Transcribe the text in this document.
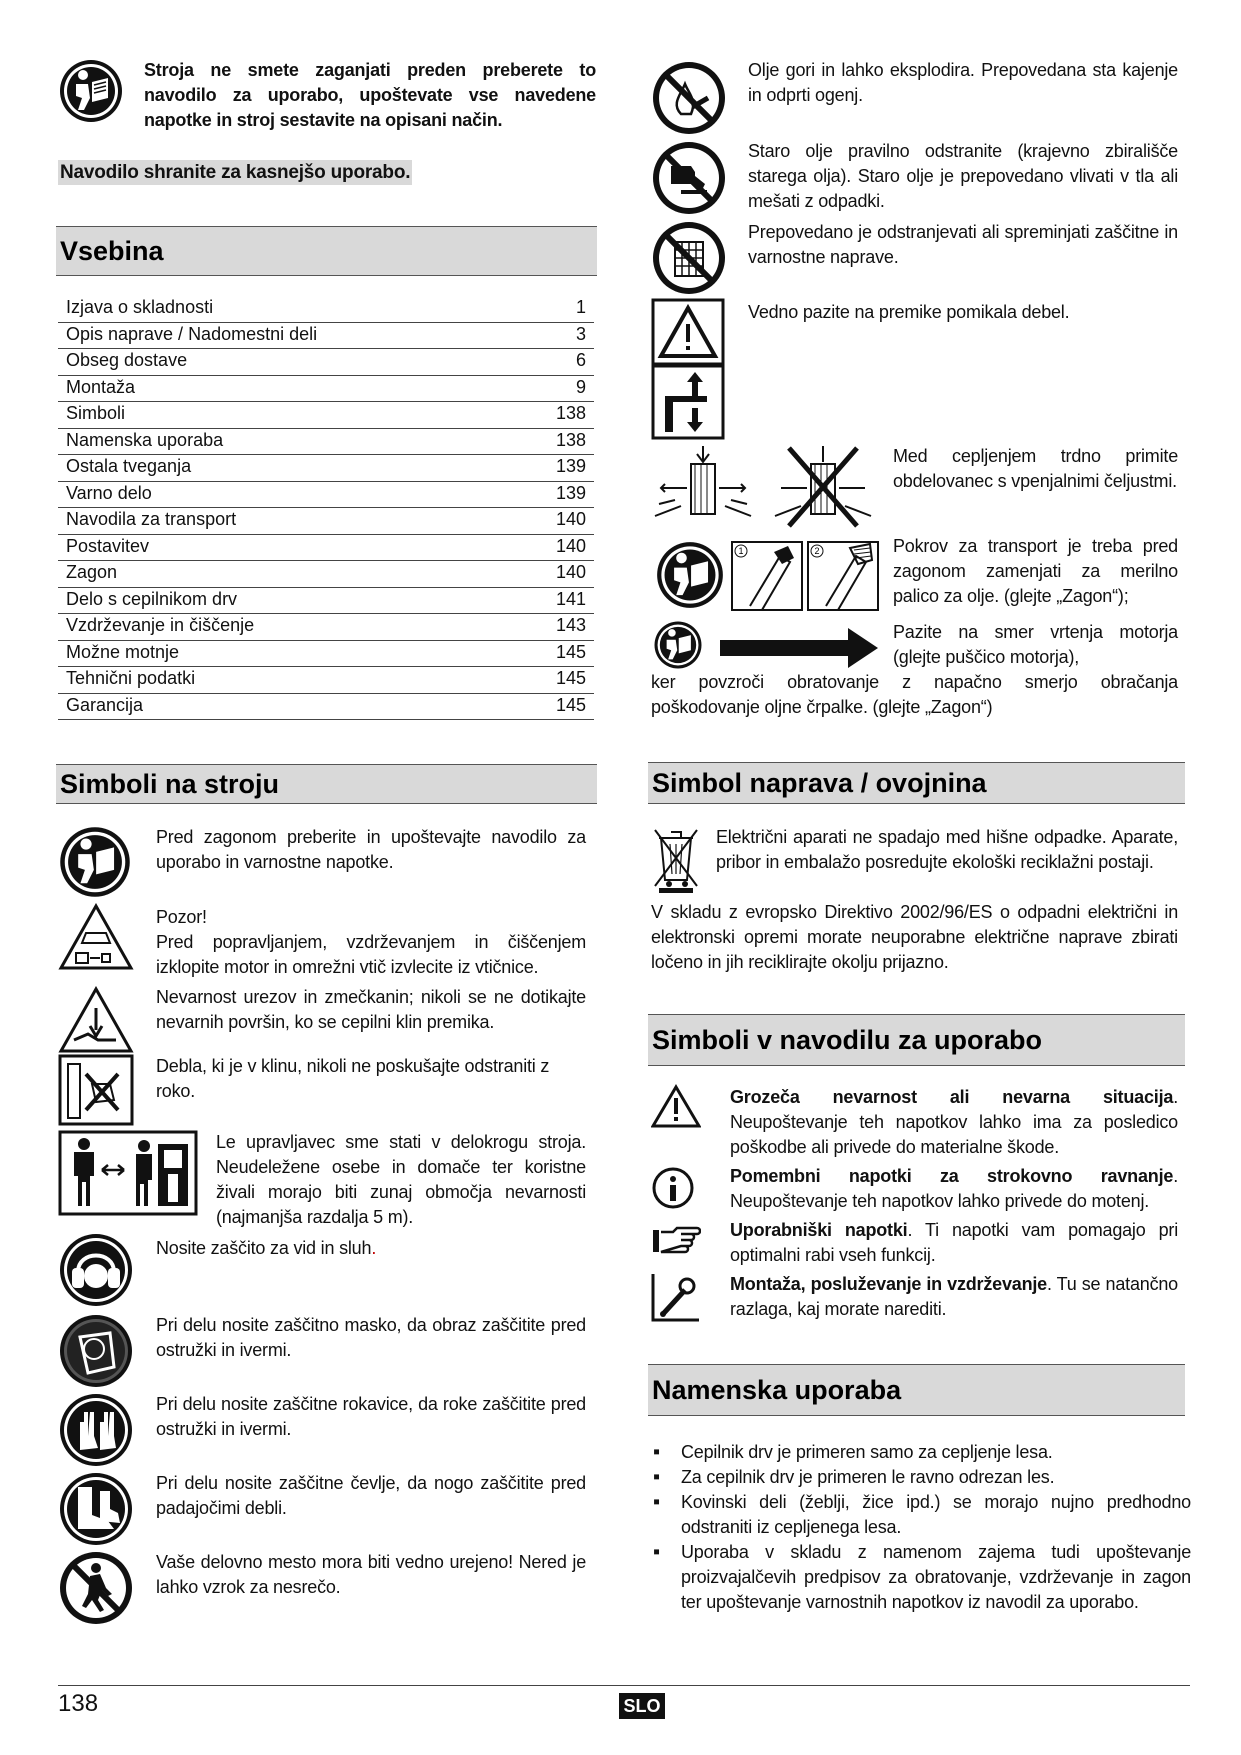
Stroja ne smete zaganjati preden preberete to navodilo za uporabo, upoštevate vse navedene napotke in stroj sestavite na opisani način.
Navodilo shranite za kasnejšo uporabo.
Vsebina
Izjava o skladnosti	1
Opis naprave / Nadomestni deli	3
Obseg dostave	6
Montaža	9
Simboli	138
Namenska uporaba	138
Ostala tveganja	139
Varno delo	139
Navodila za transport	140
Postavitev	140
Zagon	140
Delo s cepilnikom drv	141
Vzdrževanje in čiščenje	143
Možne motnje	145
Tehnični podatki	145
Garancija	145
Simboli na stroju
Pred zagonom preberite in upoštevajte navodilo za uporabo in varnostne napotke.
Pozor!
Pred popravljanjem, vzdrževanjem in čiščenjem izklopite motor in omrežni vtič izvlecite iz vtičnice.
Nevarnost urezov in zmečkanin; nikoli se ne dotikajte nevarnih površin, ko se cepilni klin premika.
Debla, ki je v klinu, nikoli ne poskušajte odstraniti z roko.
Le upravljavec sme stati v delokrogu stroja. Neudeležene osebe in domače ter koristne živali morajo biti zunaj območja nevarnosti (najmanjša razdalja 5 m).
Nosite zaščito za vid in sluh.
Pri delu nosite zaščitno masko, da obraz zaščitite pred ostružki in ivermi.
Pri delu nosite zaščitne rokavice, da roke zaščitite pred ostružki in ivermi.
Pri delu nosite zaščitne čevlje, da nogo zaščitite pred padajočimi debli.
Vaše delovno mesto mora biti vedno urejeno! Nered je lahko vzrok za nesrečo.
Olje gori in lahko eksplodira. Prepovedana sta kajenje in odprti ogenj.
Staro olje pravilno odstranite (krajevno zbirališče starega olja). Staro olje je prepovedano vlivati v tla ali mešati z odpadki.
Prepovedano je odstranjevati ali spreminjati zaščitne in varnostne naprave.
Vedno pazite na premike pomikala debel.
Med cepljenjem trdno primite obdelovanec s vpenjalnimi čeljustmi.
1	2	Pokrov za transport je treba pred zagonom zamenjati za merilno palico za olje. (glejte „Zagon“);
Pazite na smer vrtenja motorja (glejte puščico motorja),
ker povzroči obratovanje z napačno smerjo obračanja poškodovanje oljne črpalke. (glejte „Zagon“)
Simbol naprava / ovojnina
Električni aparati ne spadajo med hišne odpadke. Aparate, pribor in embalažo posredujte ekološki reciklažni postaji.
V skladu z evropsko Direktivo 2002/96/ES o odpadni električni in elektronski opremi morate neuporabne električne naprave zbirati ločeno in jih reciklirajte okolju prijazno.
Simboli v navodilu za uporabo
Grozeča nevarnost ali nevarna situacija. Neupoštevanje teh napotkov lahko ima za posledico poškodbe ali privede do materialne škode.
Pomembni napotki za strokovno ravnanje. Neupoštevanje teh napotkov lahko privede do motenj.
Uporabniški napotki. Ti napotki vam pomagajo pri optimalni rabi vseh funkcij.
Montaža, posluževanje in vzdrževanje. Tu se natančno razlaga, kaj morate narediti.
Namenska uporaba
▪ Cepilnik drv je primeren samo za cepljenje lesa.
▪ Za cepilnik drv je primeren le ravno odrezan les.
▪ Kovinski deli (žeblji, žice ipd.) se morajo nujno predhodno odstraniti iz cepljenega lesa.
▪ Uporaba v skladu z namenom zajema tudi upoštevanje proizvajalčevih predpisov za obratovanje, vzdrževanje in zagon ter upoštevanje varnostnih napotkov iz navodil za uporabo.
138	SLO
